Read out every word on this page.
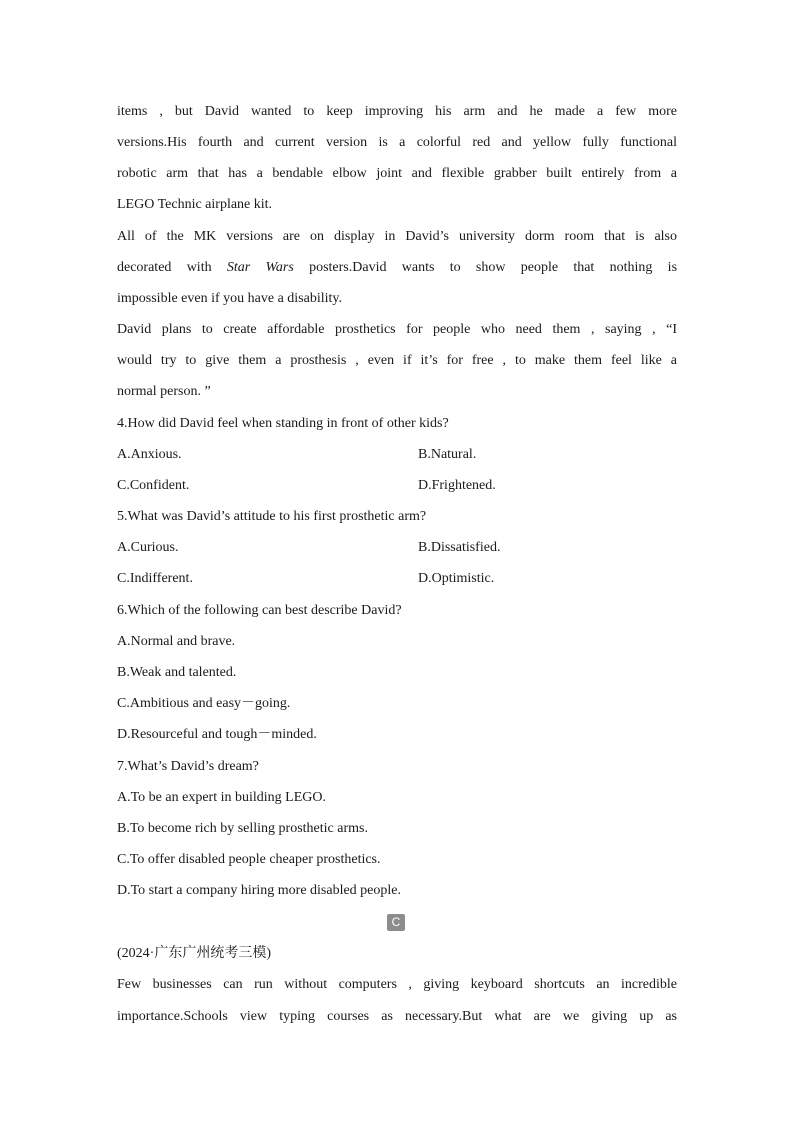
items , but David wanted to keep improving his arm and he made a few more
versions.His fourth and current version is a colorful red and yellow fully functional
robotic arm that has a bendable elbow joint and flexible grabber built entirely from a
LEGO Technic airplane kit.
All of the MK versions are on display in David’s university dorm room that is also
decorated with Star Wars posters.David wants to show people that nothing is
impossible even if you have a disability.
David plans to create affordable prosthetics for people who need them , saying , “I
would try to give them a prosthesis , even if it’s for free , to make them feel like a
normal person. ”
4.How did David feel when standing in front of other kids?
A.Anxious.	B.Natural.
C.Confident.	D.Frightened.
5.What was David’s attitude to his first prosthetic arm?
A.Curious.	B.Dissatisfied.
C.Indifferent.	D.Optimistic.
6.Which of the following can best describe David?
A.Normal and brave.
B.Weak and talented.
C.Ambitious and easy－going.
D.Resourceful and tough－minded.
7.What’s David’s dream?
A.To be an expert in building LEGO.
B.To become rich by selling prosthetic arms.
C.To offer disabled people cheaper prosthetics.
D.To start a company hiring more disabled people.
C
(2024·广东广州统考三模)
Few businesses can run without computers , giving keyboard shortcuts an incredible
importance.Schools view typing courses as necessary.But what are we giving up as
